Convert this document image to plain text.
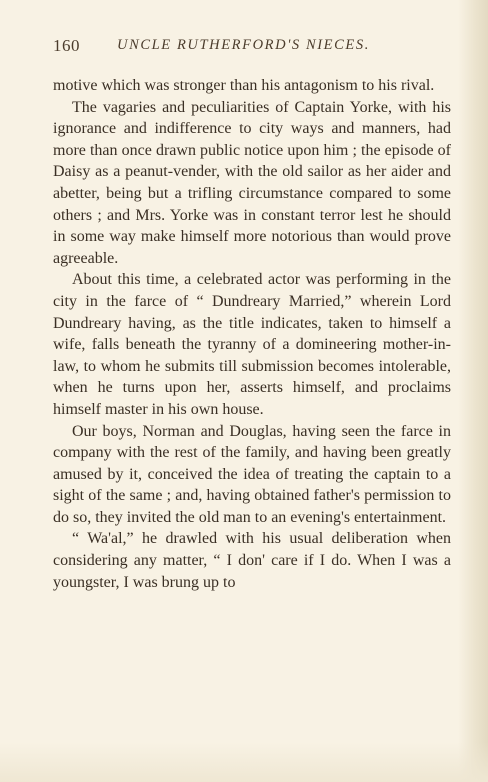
160	UNCLE RUTHERFORD'S NIECES.

motive which was stronger than his antagonism to his rival.

The vagaries and peculiarities of Captain Yorke, with his ignorance and indifference to city ways and manners, had more than once drawn public notice upon him ; the episode of Daisy as a peanut-vender, with the old sailor as her aider and abetter, being but a trifling circumstance compared to some others ; and Mrs. Yorke was in constant terror lest he should in some way make himself more notorious than would prove agreeable.

About this time, a celebrated actor was performing in the city in the farce of “ Dundreary Married,” wherein Lord Dundreary having, as the title indicates, taken to himself a wife, falls beneath the tyranny of a domineering mother-in-law, to whom he submits till submission becomes intolerable, when he turns upon her, asserts himself, and proclaims himself master in his own house.

Our boys, Norman and Douglas, having seen the farce in company with the rest of the family, and having been greatly amused by it, conceived the idea of treating the captain to a sight of the same ; and, having obtained father's permission to do so, they invited the old man to an evening's entertainment.

“ Wa'al,” he drawled with his usual deliberation when considering any matter, “ I don' care if I do. When I was a youngster, I was brung up to
